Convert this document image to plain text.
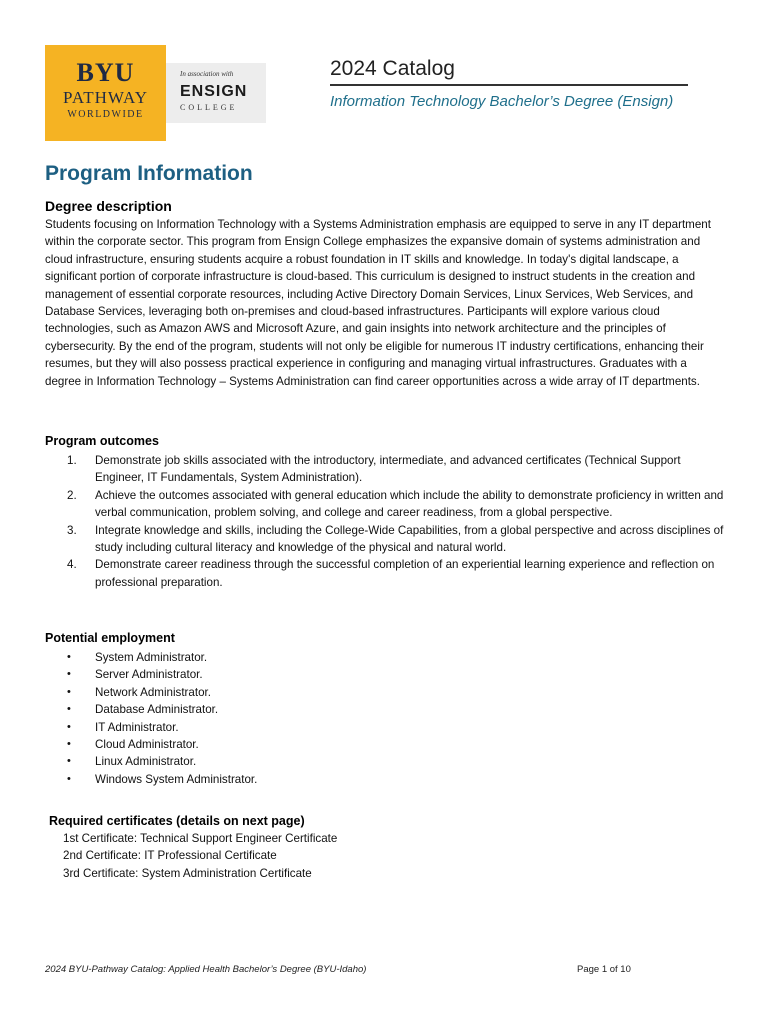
BYU
PATHWAY
WORLDWIDE
In association with
ENSIGN
COLLEGE
2024 Catalog
Information Technology Bachelor’s Degree (Ensign)
Program Information
Degree description

Students focusing on Information Technology with a Systems Administration emphasis are equipped to serve in any IT department within the corporate sector. This program from Ensign College emphasizes the expansive domain of systems administration and cloud infrastructure, ensuring students acquire a robust foundation in IT skills and knowledge. In today's digital landscape, a significant portion of corporate infrastructure is cloud-based. This curriculum is designed to instruct students in the creation and management of essential corporate resources, including Active Directory Domain Services, Linux Services, Web Services, and Database Services, leveraging both on-premises and cloud-based infrastructures. Participants will explore various cloud technologies, such as Amazon AWS and Microsoft Azure, and gain insights into network architecture and the principles of cybersecurity. By the end of the program, students will not only be eligible for numerous IT industry certifications, enhancing their resumes, but they will also possess practical experience in configuring and managing virtual infrastructures. Graduates with a degree in Information Technology – Systems Administration can find career opportunities across a wide array of IT departments.

Program outcomes
1. Demonstrate job skills associated with the introductory, intermediate, and advanced certificates (Technical Support Engineer, IT Fundamentals, System Administration).
2. Achieve the outcomes associated with general education which include the ability to demonstrate proficiency in written and verbal communication, problem solving, and college and career readiness, from a global perspective.
3. Integrate knowledge and skills, including the College-Wide Capabilities, from a global perspective and across disciplines of study including cultural literacy and knowledge of the physical and natural world.
4. Demonstrate career readiness through the successful completion of an experiential learning experience and reflection on professional preparation.
Potential employment
• System Administrator.
• Server Administrator.
• Network Administrator.
• Database Administrator.
• IT Administrator.
• Cloud Administrator.
• Linux Administrator.
• Windows System Administrator.
Required certificates (details on next page)
1st Certificate: Technical Support Engineer Certificate
2nd Certificate: IT Professional Certificate
3rd Certificate: System Administration Certificate
2024 BYU-Pathway Catalog: Applied Health Bachelor’s Degree (BYU-Idaho)	Page 1 of 10
